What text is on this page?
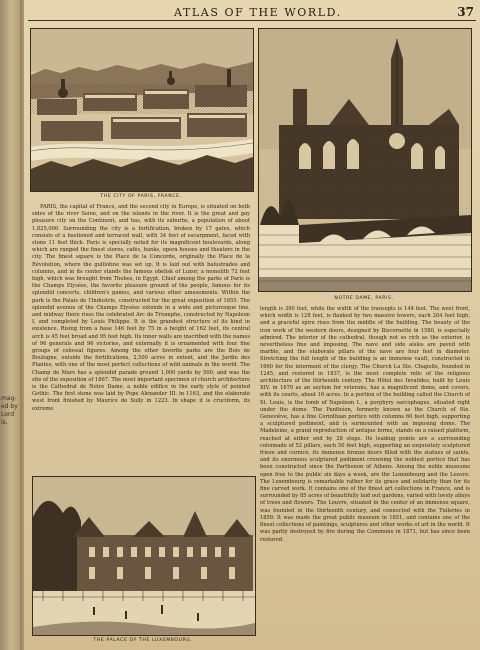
mag-
ed by
Lord
is,
ATLAS OF THE WORLD.	37
THE CITY OF PARIS, FRANCE.
NOTRE DAME, PARIS.
THE PALACE OF THE LUXEMBOURG.

PARIS, the capital of France, and the second city in Europe, is situated on both sides of the river Seine, and on the islands in the river. It is the great and gay pleasure city on the Continent, and has, with its suburbs, a population of about 1,825,000. Surrounding the city is a fortification, broken by 17 gates, which consists of a bastioned and terraced wall, with 34 feet of escarpment, faced with stone 11 feet thick. Paris is specially noted for its magnificent boulevards, along which are ranged the finest stores, cafés, banks, opera houses and theaters in the city. The finest square is the Place de la Concorde, originally the Place de la Révolution, where the guillotine was set up. It is laid out with balustrades and columns, and in its center stands the famous obelisk of Luxor, a monolith 72 feet high, which was brought from Thebes, in Egypt. Chief among the parks of Paris is the Champs Elysées, the favorite pleasure ground of the people, famous for its splendid concerts, children's games, and various other amusements. Within the park is the Palais de l'Industrie, constructed for the great exposition of 1855. The splendid avenue of the Champs Elysées extends in a wide and picturesque line, and midway there rises the celebrated Arc de Triomphe, constructed by Napoleon I, and completed by Louis Philippe. It is the grandest structure of its kind in existence. Rising from a base 146 feet by 75 in a height of 162 feet, its central arch is 45 feet broad and 95 feet high. Its inner walls are inscribed with the names of 96 generals and 96 victories, and externally it is ornamented with four fine groups of colossal figures. Among the other favorite parks are the Bois de Boulogne, outside the fortifications, 2,500 acres in extent, and the Jardin des Plantes, with one of the most perfect collections of wild animals in the world. The Champ de Mars has a splendid parade ground 1,000 yards by 500, and was the site of the exposition of 1867. The most important specimen of church architecture is the Cathedral de Notre Dame, a noble edifice in the early style of pointed Gothic. The first stone was laid by Pope Alexander III. in 1163, and the elaborate west front finished by Maurice de Sully in 1223. In shape it is cruciform, its extreme

length is 390 feet, while the width of the transepts is 144 feet. The west front, which width is 128 feet, is flanked by two massive towers, each 204 feet high, and a graceful spire rises from the middle of the building. The beauty of the iron work of the western doors, designed by Biscornette in 1580, is especially admired. The interior of the cathedral, though not so rich as the exterior, is nevertheless fine and imposing. The nave and side aisles are paved with marble, and the elaborate pillars of the nave are four feet in diameter. Stretching the full length of the building is an immense vault, constructed in 1660 for the interment of the clergy. The Church La Ste. Chapelle, founded in 1245, and restored in 1837, is the most complete relic of the religious architecture of the thirteenth century. The Hôtel des Invalides, built by Louis XIV. in 1670 as an asylum for veterans, has a magnificent dome, and covers, with its courts, about 16 acres. In a portion of the building called the Church of St. Louis, is the tomb of Napoleon I., a porphyry sarcophagus, situated right under the dome. The Panthéon, formerly known as the Church of Ste. Geneviève, has a fine Corinthian portico with columns 60 feet high, supporting a sculptured pediment, and is surmounted with an imposing dome. The Madeleine, a grand reproduction of antique forms, stands on a raised platform, reached at either end by 28 steps. Its leading points are a surrounding colonnade of 52 pillars, each 50 feet high, supporting an exquisitely sculptured frieze and cornice, its immense bronze doors filled with the statues of saints, and its enormous sculptured pediment crowning the noblest portico that has been constructed since the Parthenon of Athens. Among the noble museums open free to the public six days a week, are the Luxembourg and the Louvre. The Luxembourg is remarkable rather for its grace and solidarity than for its fine carved work. It contains one of the finest art collections in France, and is surrounded by 85 acres of beautifully laid out gardens, varied with lovely alleys of trees and flowers. The Louvre, situated in the center of an immense square, was founded in the thirteenth century, and connected with the Tuileries in 1859. It was made the great public museum in 1851, and contains one of the finest collections of paintings, sculptures and other works of art in the world. It was partly destroyed by fire during the Commune in 1871, but has since been restored.
